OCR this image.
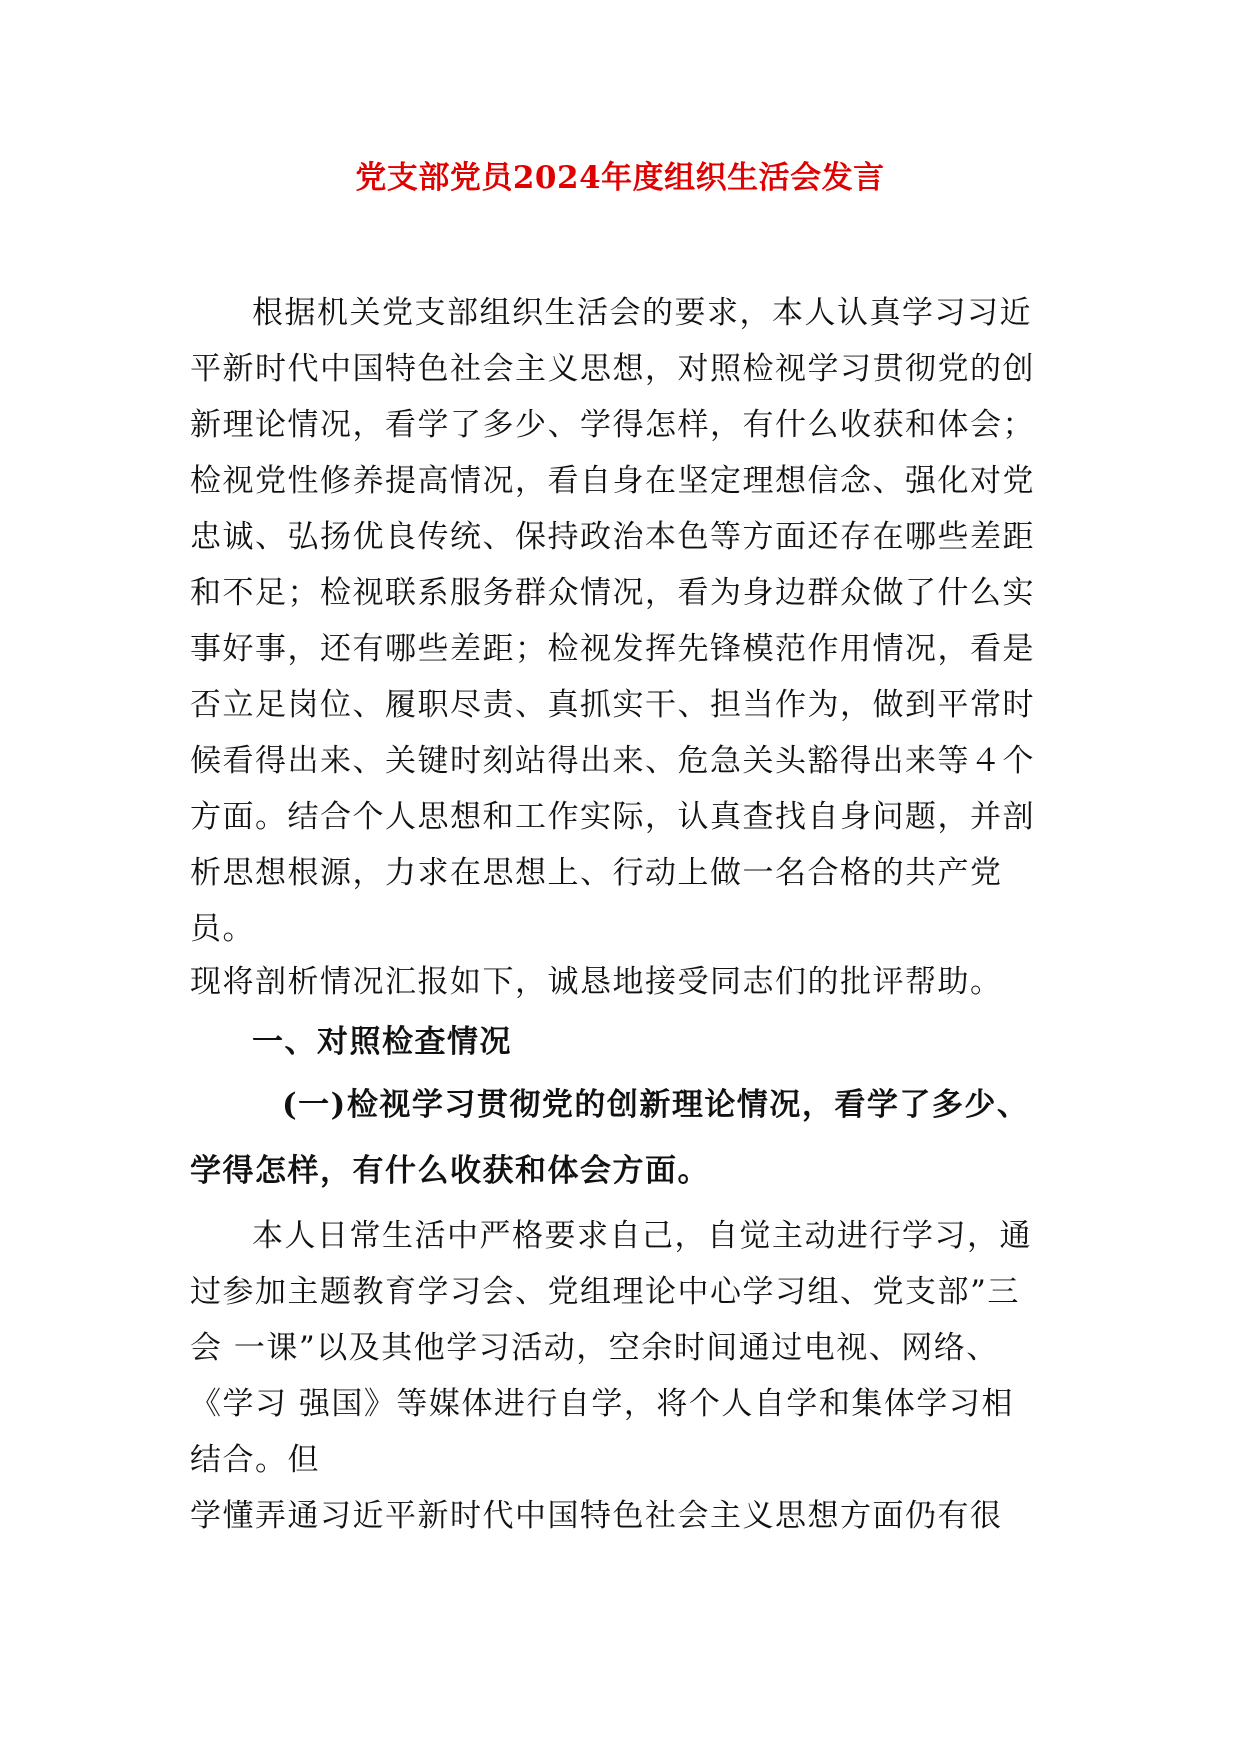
党支部党员2024年度组织生活会发言
根据机关党支部组织生活会的要求，本人认真学习习近
平新时代中国特色社会主义思想，对照检视学习贯彻党的创
新理论情况，看学了多少、学得怎样，有什么收获和体会；
检视党性修养提高情况，看自身在坚定理想信念、强化对党
忠诚、弘扬优良传统、保持政治本色等方面还存在哪些差距
和不足；检视联系服务群众情况，看为身边群众做了什么实
事好事，还有哪些差距；检视发挥先锋模范作用情况，看是
否立足岗位、履职尽责、真抓实干、担当作为，做到平常时
候看得出来、关键时刻站得出来、危急关头豁得出来等４个
方面。结合个人思想和工作实际，认真查找自身问题，并剖
析思想根源，力求在思想上、行动上做一名合格的共产党
员。
现将剖析情况汇报如下，诚恳地接受同志们的批评帮助。
一、对照检查情况
(一)检视学习贯彻党的创新理论情况，看学了多少、
学得怎样，有什么收获和体会方面。
本人日常生活中严格要求自己，自觉主动进行学习，通
过参加主题教育学习会、党组理论中心学习组、党支部”三
会 一课”以及其他学习活动，空余时间通过电视、网络、
《学习 强国》等媒体进行自学，将个人自学和集体学习相
结合。但
学懂弄通习近平新时代中国特色社会主义思想方面仍有很
